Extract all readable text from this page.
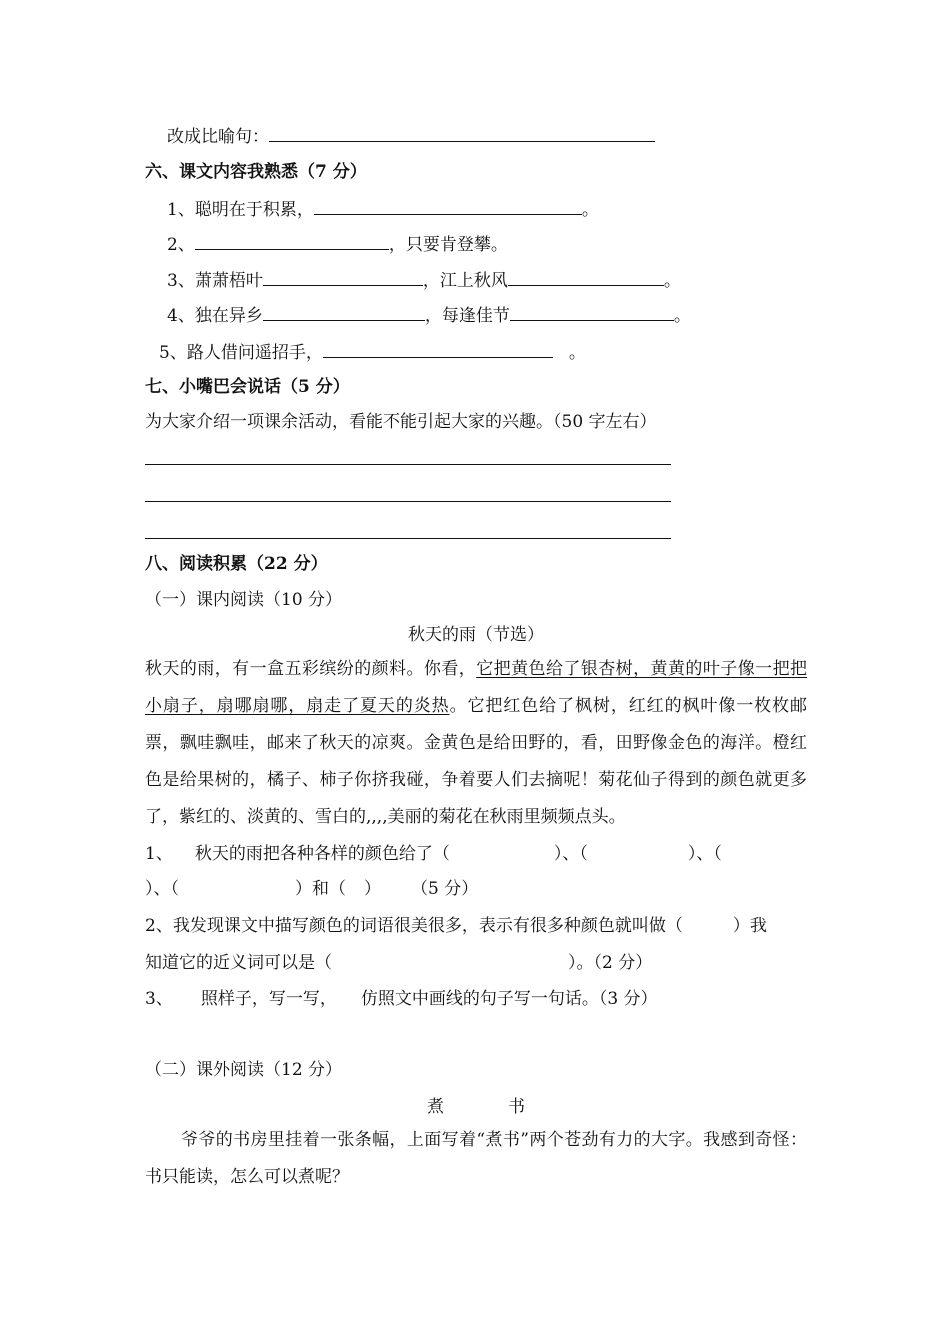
改成比喻句：
六、课文内容我熟悉（7 分）
1、聪明在于积累，	。
2、	，只要肯登攀。
3、萧萧梧叶	，江上秋风	。
4、独在异乡	，每逢佳节	。
5、路人借问遥招手，	。
七、小嘴巴会说话（5 分）
为大家介绍一项课余活动，看能不能引起大家的兴趣。（50 字左右）
八、阅读积累（22 分）
（一）课内阅读（10 分）
秋天的雨（节选）
秋天的雨，有一盒五彩缤纷的颜料。你看，它把黄色给了银杏树，黄黄的叶子像一把把小扇子，扇哪扇哪，扇走了夏天的炎热。它把红色给了枫树，红红的枫叶像一枚枚邮票，飘哇飘哇，邮来了秋天的凉爽。金黄色是给田野的，看，田野像金色的海洋。橙红色是给果树的，橘子、柿子你挤我碰，争着要人们去摘呢！菊花仙子得到的颜色就更多了，紫红的、淡黄的、雪白的,,,,美丽的菊花在秋雨里频频点头。
1、 秋天的雨把各种各样的颜色给了（	）、（	）、（
）、（	）和（ ） （5 分）
2、我发现课文中描写颜色的词语很美很多，表示有很多种颜色就叫做（	）我
知道它的近义词可以是（	）。（2 分）
3、 照样子，写一写， 仿照文中画线的句子写一句话。（3 分）
（二）课外阅读（12 分）
煮	书
爷爷的书房里挂着一张条幅，上面写着“煮书”两个苍劲有力的大字。我感到奇怪：书只能读，怎么可以煮呢？
